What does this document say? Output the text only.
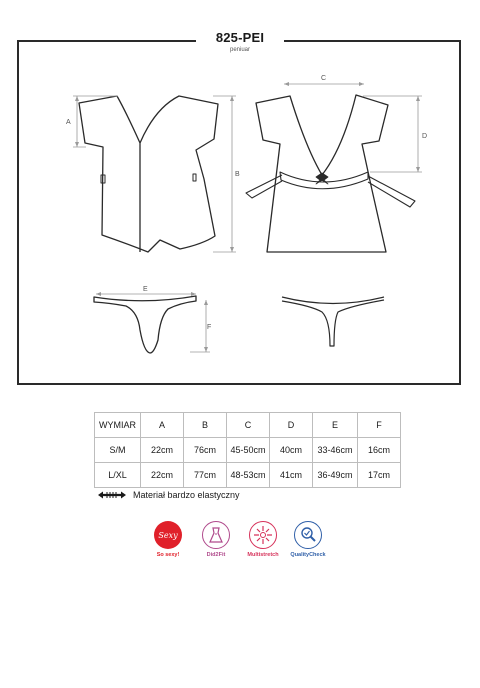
825-PEI
peniuar
A
B
C
D
E
F
WYMIAR	A	B	C	D	E	F
S/M	22cm	76cm	45-50cm	40cm	33-46cm	16cm
L/XL	22cm	77cm	48-53cm	41cm	36-49cm	17cm
Materiał bardzo elastyczny
Sexy
So sexy!	Did2Fit	Multistretch	QualityCheck
